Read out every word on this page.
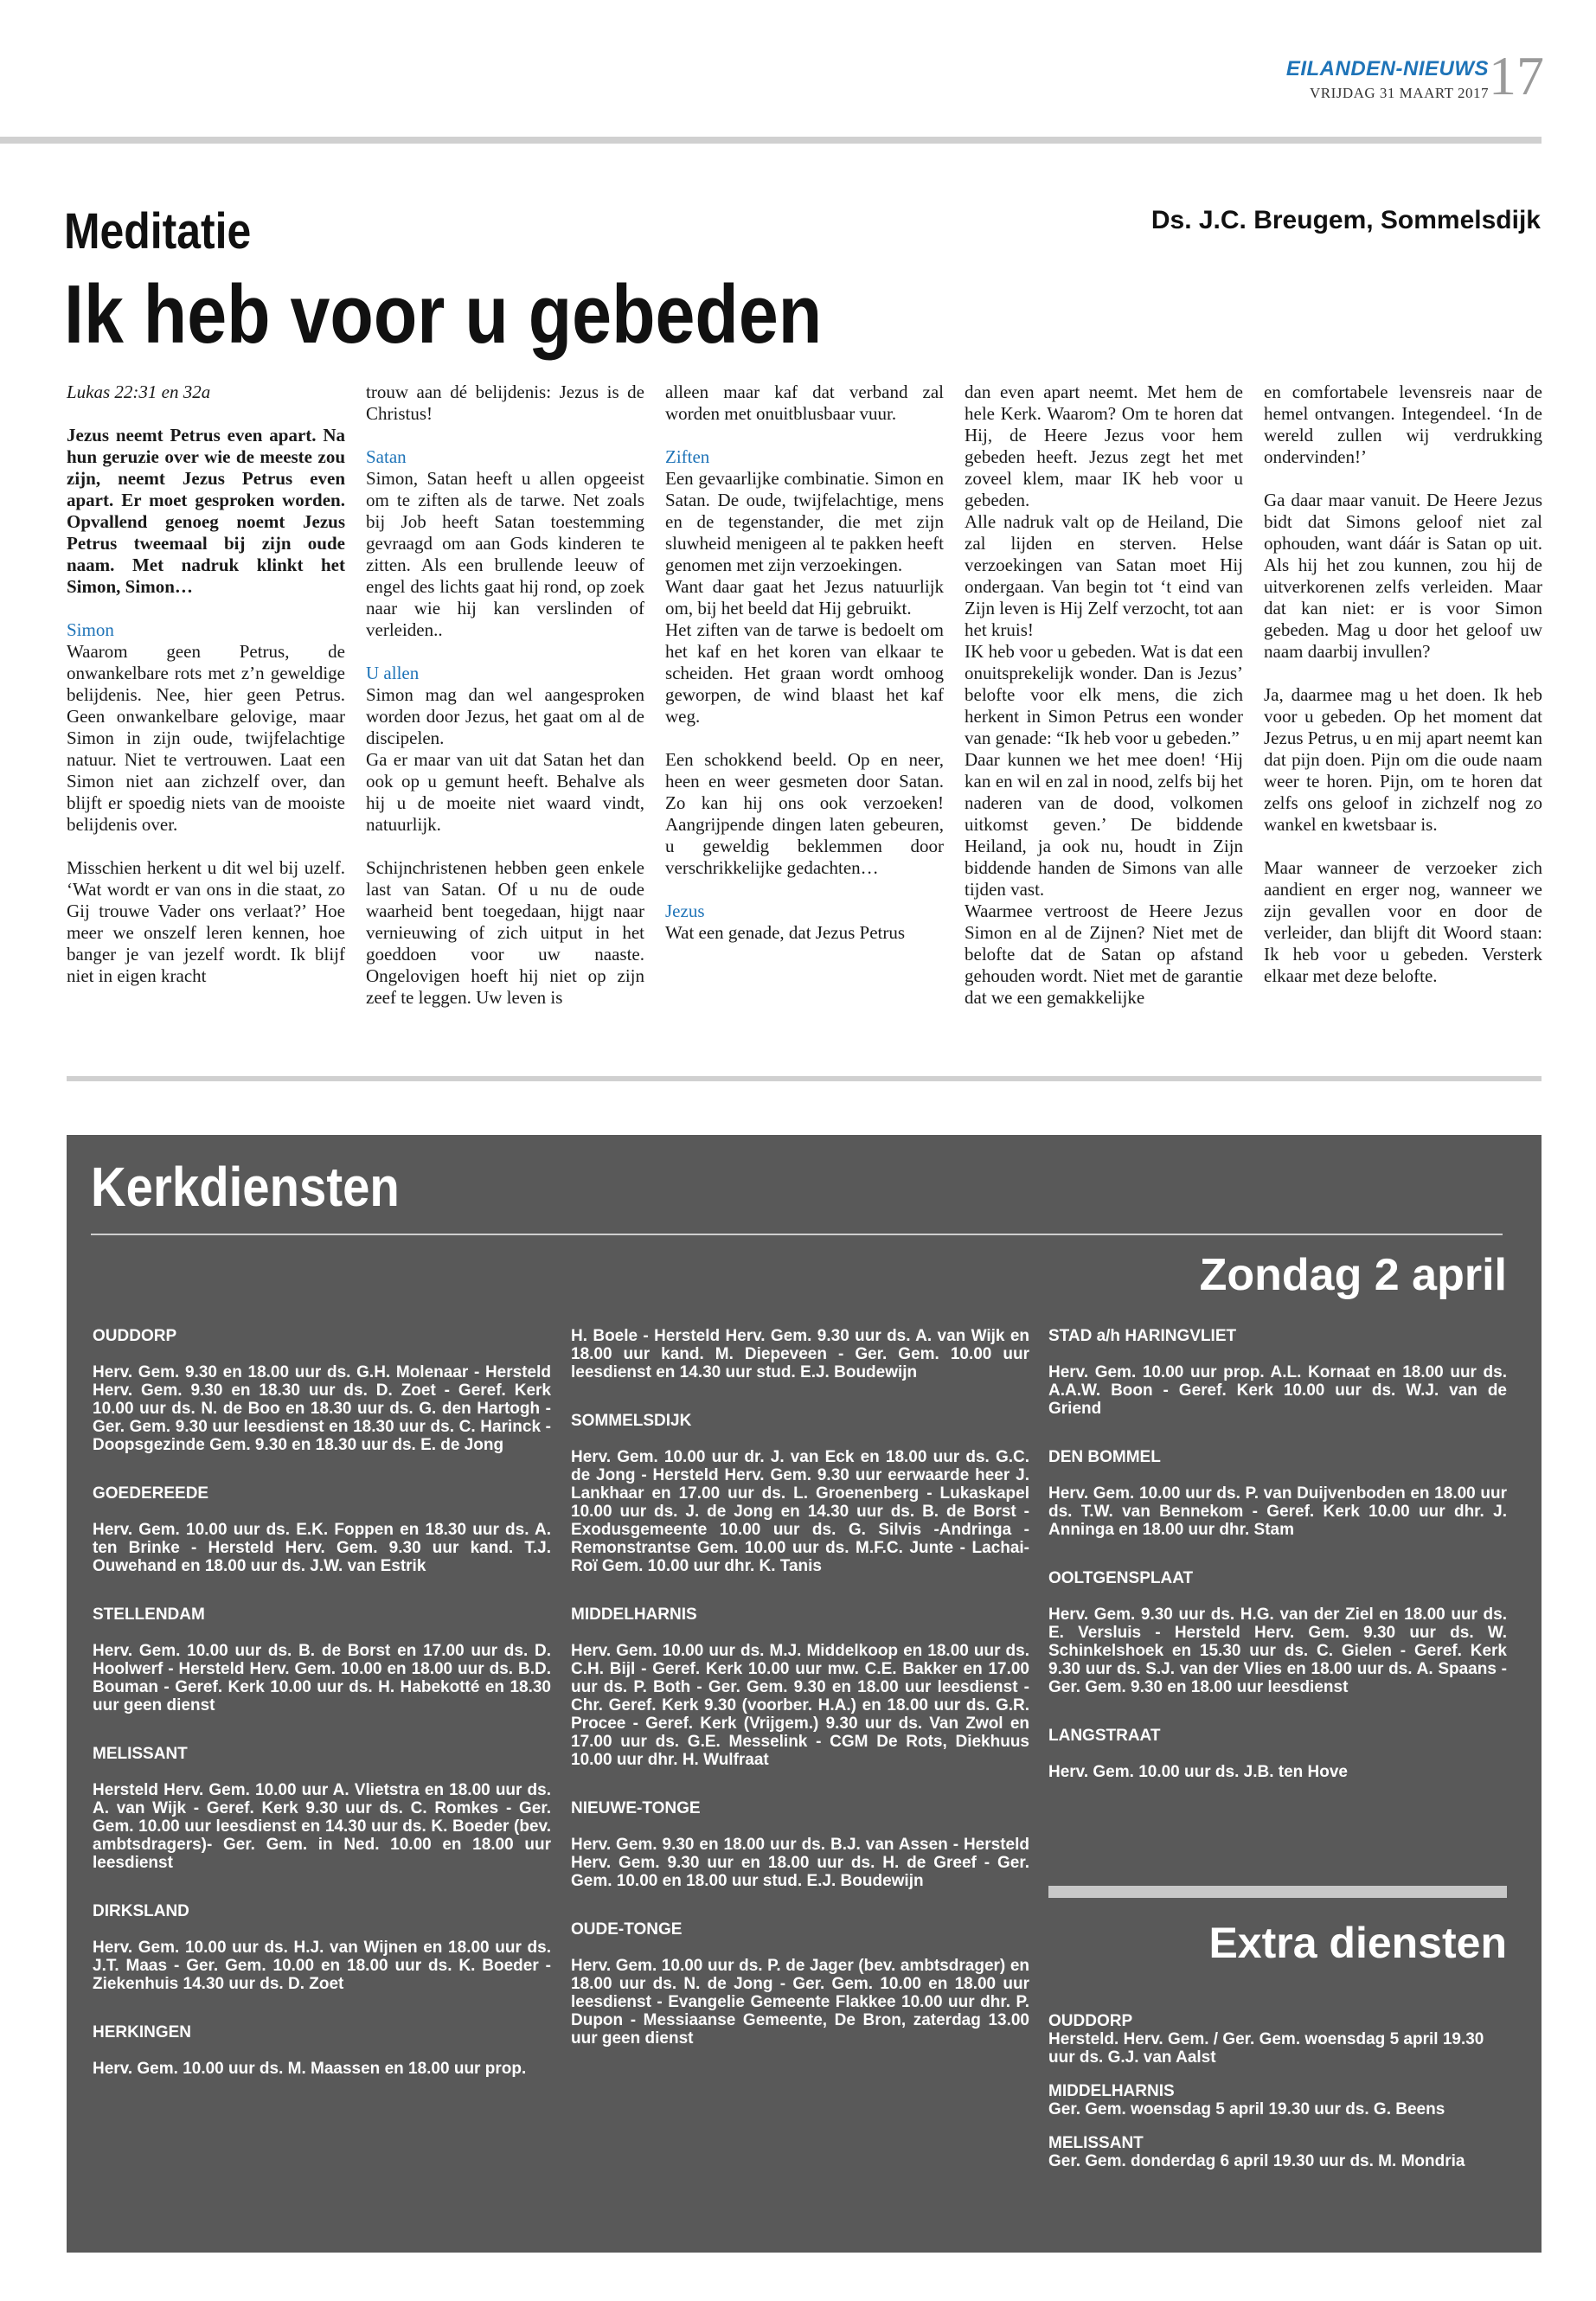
EILANDEN-NIEUWS
VRIJDAG 31 MAART 2017 17
Meditatie
Ik heb voor u gebeden
Ds. J.C. Breugem, Sommelsdijk

Lukas 22:31 en 32a

Jezus neemt Petrus even apart. Na hun geruzie over wie de meeste zou zijn, neemt Jezus Petrus even apart. Er moet gesproken worden. Opvallend genoeg noemt Jezus Petrus tweemaal bij zijn oude naam. Met nadruk klinkt het Simon, Simon…

Simon

Waarom geen Petrus, de onwankelbare rots met z’n geweldige belijdenis. Nee, hier geen Petrus. Geen onwankelbare gelovige, maar Simon in zijn oude, twijfelachtige natuur. Niet te vertrouwen. Laat een Simon niet aan zichzelf over, dan blijft er spoedig niets van de mooiste belijdenis over.

Misschien herkent u dit wel bij uzelf. ‘Wat wordt er van ons in die staat, zo Gij trouwe Vader ons verlaat?’ Hoe meer we onszelf leren kennen, hoe banger je van jezelf wordt. Ik blijf niet in eigen kracht

trouw aan dé belijdenis: Jezus is de Christus!

Satan

Simon, Satan heeft u allen opgeeist om te ziften als de tarwe. Net zoals bij Job heeft Satan toestemming gevraagd om aan Gods kinderen te zitten. Als een brullende leeuw of engel des lichts gaat hij rond, op zoek naar wie hij kan verslinden of verleiden..

U allen

Simon mag dan wel aangesproken worden door Jezus, het gaat om al de discipelen.

Ga er maar van uit dat Satan het dan ook op u gemunt heeft. Behalve als hij u de moeite niet waard vindt, natuurlijk.

Schijnchristenen hebben geen enkele last van Satan. Of u nu de oude waarheid bent toegedaan, hijgt naar vernieuwing of zich uitput in het goeddoen voor uw naaste. Ongelovigen hoeft hij niet op zijn zeef te leggen. Uw leven is

alleen maar kaf dat verband zal worden met onuitblusbaar vuur.

Ziften

Een gevaarlijke combinatie. Simon en Satan. De oude, twijfelachtige, mens en de tegenstander, die met zijn sluwheid menigeen al te pakken heeft genomen met zijn verzoekingen.

Want daar gaat het Jezus natuurlijk om, bij het beeld dat Hij gebruikt.

Het ziften van de tarwe is bedoelt om het kaf en het koren van elkaar te scheiden. Het graan wordt omhoog geworpen, de wind blaast het kaf weg.

Een schokkend beeld. Op en neer, heen en weer gesmeten door Satan. Zo kan hij ons ook verzoeken! Aangrijpende dingen laten gebeuren, u geweldig beklemmen door verschrikkelijke gedachten…

Jezus

Wat een genade, dat Jezus Petrus

dan even apart neemt. Met hem de hele Kerk. Waarom? Om te horen dat Hij, de Heere Jezus voor hem gebeden heeft. Jezus zegt het met zoveel klem, maar IK heb voor u gebeden.

Alle nadruk valt op de Heiland, Die zal lijden en sterven. Helse verzoekingen van Satan moet Hij ondergaan. Van begin tot ‘t eind van Zijn leven is Hij Zelf verzocht, tot aan het kruis!

IK heb voor u gebeden. Wat is dat een onuitsprekelijk wonder. Dan is Jezus’ belofte voor elk mens, die zich herkent in Simon Petrus een wonder van genade: “Ik heb voor u gebeden.”

Daar kunnen we het mee doen! ‘Hij kan en wil en zal in nood, zelfs bij het naderen van de dood, volkomen uitkomst geven.’ De biddende Heiland, ja ook nu, houdt in Zijn biddende handen de Simons van alle tijden vast.

Waarmee vertroost de Heere Jezus Simon en al de Zijnen? Niet met de belofte dat de Satan op afstand gehouden wordt. Niet met de garantie dat we een gemakkelijke

en comfortabele levensreis naar de hemel ontvangen. Integendeel. ‘In de wereld zullen wij verdrukking ondervinden!’

Ga daar maar vanuit. De Heere Jezus bidt dat Simons geloof niet zal ophouden, want dáár is Satan op uit. Als hij het zou kunnen, zou hij de uitverkorenen zelfs verleiden. Maar dat kan niet: er is voor Simon gebeden. Mag u door het geloof uw naam daarbij invullen?

Ja, daarmee mag u het doen. Ik heb voor u gebeden. Op het moment dat Jezus Petrus, u en mij apart neemt kan dat pijn doen. Pijn om die oude naam weer te horen. Pijn, om te horen dat zelfs ons geloof in zichzelf nog zo wankel en kwetsbaar is.

Maar wanneer de verzoeker zich aandient en erger nog, wanneer we zijn gevallen voor en door de verleider, dan blijft dit Woord staan: Ik heb voor u gebeden. Versterk elkaar met deze belofte.

Kerkdiensten
Zondag 2 april

OUDDORP

Herv. Gem. 9.30 en 18.00 uur ds. G.H. Molenaar - Hersteld Herv. Gem. 9.30 en 18.30 uur ds. D. Zoet - Geref. Kerk 10.00 uur ds. N. de Boo en 18.30 uur ds. G. den Hartogh - Ger. Gem. 9.30 uur leesdienst en 18.30 uur ds. C. Harinck - Doopsgezinde Gem. 9.30 en 18.30 uur ds. E. de Jong

GOEDEREEDE

Herv. Gem. 10.00 uur ds. E.K. Foppen en 18.30 uur ds. A. ten Brinke - Hersteld Herv. Gem. 9.30 uur kand. T.J. Ouwehand en 18.00 uur ds. J.W. van Estrik

STELLENDAM

Herv. Gem. 10.00 uur ds. B. de Borst en 17.00 uur ds. D. Hoolwerf - Hersteld Herv. Gem. 10.00 en 18.00 uur ds. B.D. Bouman - Geref. Kerk 10.00 uur ds. H. Habekotté en 18.30 uur geen dienst

MELISSANT

Hersteld Herv. Gem. 10.00 uur A. Vlietstra en 18.00 uur ds. A. van Wijk - Geref. Kerk 9.30 uur ds. C. Romkes - Ger. Gem. 10.00 uur leesdienst en 14.30 uur ds. K. Boeder (bev. ambtsdragers)- Ger. Gem. in Ned. 10.00 en 18.00 uur leesdienst

DIRKSLAND

Herv. Gem. 10.00 uur ds. H.J. van Wijnen en 18.00 uur ds. J.T. Maas - Ger. Gem. 10.00 en 18.00 uur ds. K. Boeder - Ziekenhuis 14.30 uur ds. D. Zoet

HERKINGEN

Herv. Gem. 10.00 uur ds. M. Maassen en 18.00 uur prop.

H. Boele - Hersteld Herv. Gem. 9.30 uur ds. A. van Wijk en 18.00 uur kand. M. Diepeveen - Ger. Gem. 10.00 uur leesdienst en 14.30 uur stud. E.J. Boudewijn

SOMMELSDIJK

Herv. Gem. 10.00 uur dr. J. van Eck en 18.00 uur ds. G.C. de Jong - Hersteld Herv. Gem. 9.30 uur eerwaarde heer J. Lankhaar en 17.00 uur ds. L. Groenenberg - Lukaskapel 10.00 uur ds. J. de Jong en 14.30 uur ds. B. de Borst - Exodusgemeente 10.00 uur ds. G. Silvis -Andringa - Remonstrantse Gem. 10.00 uur ds. M.F.C. Junte - Lachai-Roï Gem. 10.00 uur dhr. K. Tanis

MIDDELHARNIS

Herv. Gem. 10.00 uur ds. M.J. Middelkoop en 18.00 uur ds. C.H. Bijl - Geref. Kerk 10.00 uur mw. C.E. Bakker en 17.00 uur ds. P. Both - Ger. Gem. 9.30 en 18.00 uur leesdienst - Chr. Geref. Kerk 9.30 (voorber. H.A.) en 18.00 uur ds. G.R. Procee - Geref. Kerk (Vrijgem.) 9.30 uur ds. Van Zwol en 17.00 uur ds. G.E. Messelink - CGM De Rots, Diekhuus 10.00 uur dhr. H. Wulfraat

NIEUWE-TONGE

Herv. Gem. 9.30 en 18.00 uur ds. B.J. van Assen - Hersteld Herv. Gem. 9.30 uur en 18.00 uur ds. H. de Greef - Ger. Gem. 10.00 en 18.00 uur stud. E.J. Boudewijn

OUDE-TONGE

Herv. Gem. 10.00 uur ds. P. de Jager (bev. ambtsdrager) en 18.00 uur ds. N. de Jong - Ger. Gem. 10.00 en 18.00 uur leesdienst - Evangelie Gemeente Flakkee 10.00 uur dhr. P. Dupon - Messiaanse Gemeente, De Bron, zaterdag 13.00 uur geen dienst

STAD a/h HARINGVLIET

Herv. Gem. 10.00 uur prop. A.L. Kornaat en 18.00 uur ds. A.A.W. Boon - Geref. Kerk 10.00 uur ds. W.J. van de Griend

DEN BOMMEL

Herv. Gem. 10.00 uur ds. P. van Duijvenboden en 18.00 uur ds. T.W. van Bennekom - Geref. Kerk 10.00 uur dhr. J. Anninga en 18.00 uur dhr. Stam

OOLTGENSPLAAT

Herv. Gem. 9.30 uur ds. H.G. van der Ziel en 18.00 uur ds. E. Versluis - Hersteld Herv. Gem. 9.30 uur ds. W. Schinkelshoek en 15.30 uur ds. C. Gielen - Geref. Kerk 9.30 uur ds. S.J. van der Vlies en 18.00 uur ds. A. Spaans - Ger. Gem. 9.30 en 18.00 uur leesdienst

LANGSTRAAT

Herv. Gem. 10.00 uur ds. J.B. ten Hove

Extra diensten

OUDDORP

Hersteld. Herv. Gem. / Ger. Gem. woensdag 5 april 19.30 uur ds. G.J. van Aalst

MIDDELHARNIS

Ger. Gem. woensdag 5 april 19.30 uur ds. G. Beens

MELISSANT

Ger. Gem. donderdag 6 april 19.30 uur ds. M. Mondria
